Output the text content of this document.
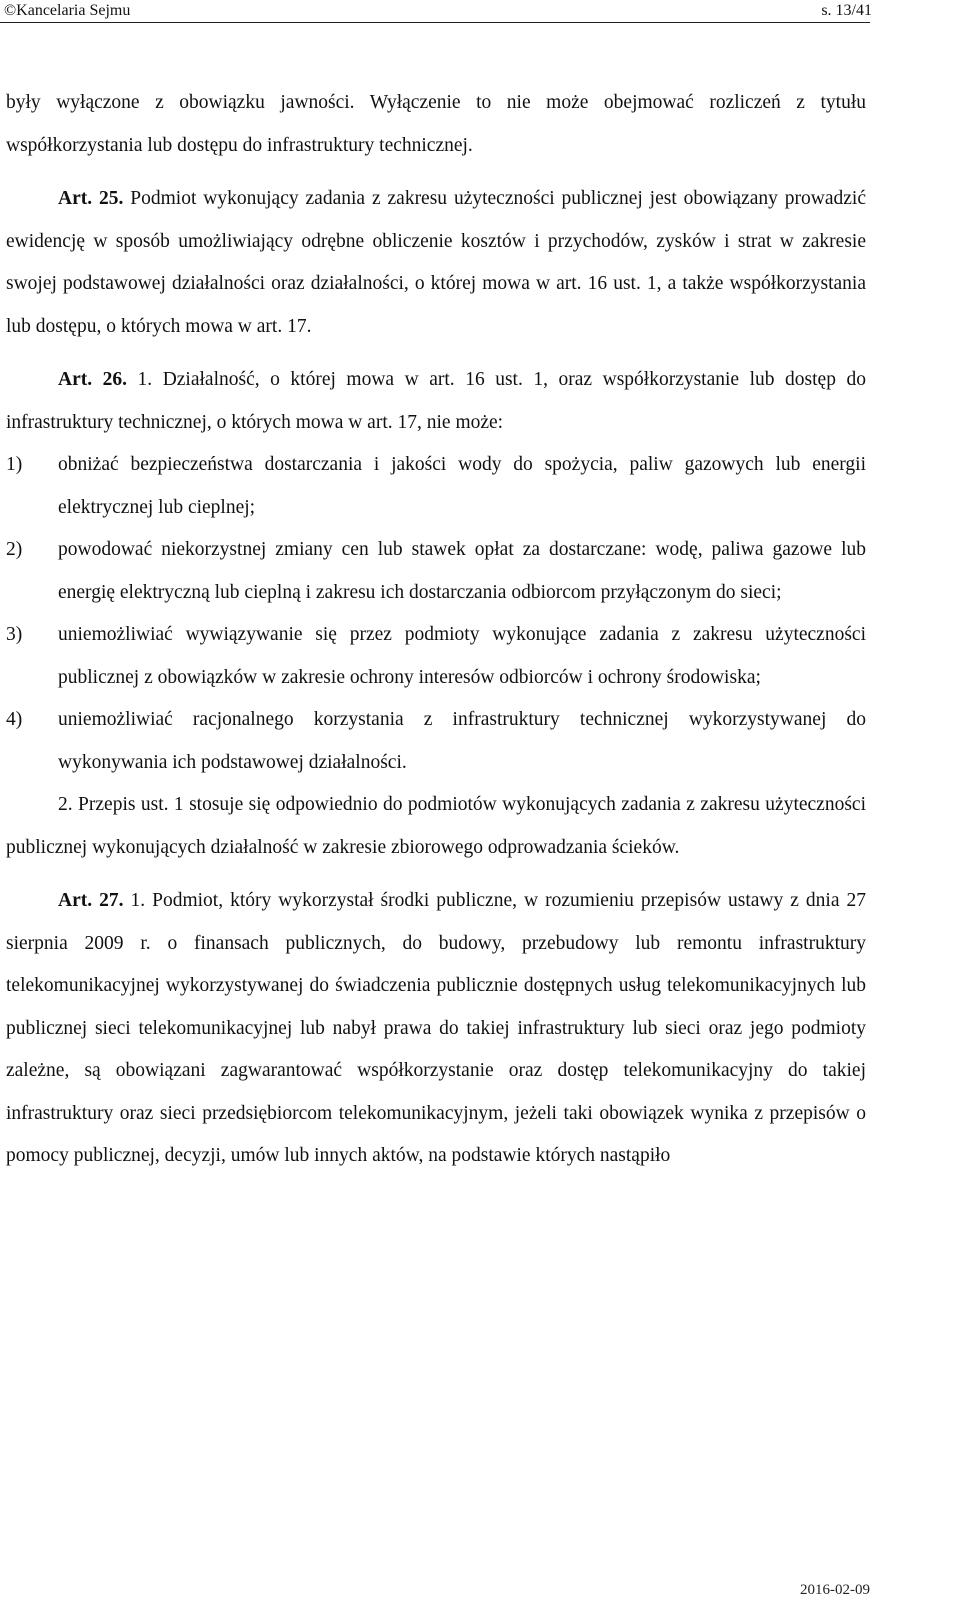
©Kancelaria Sejmu	s. 13/41

były wyłączone z obowiązku jawności. Wyłączenie to nie może obejmować rozliczeń z tytułu współkorzystania lub dostępu do infrastruktury technicznej.

Art. 25. Podmiot wykonujący zadania z zakresu użyteczności publicznej jest obowiązany prowadzić ewidencję w sposób umożliwiający odrębne obliczenie kosztów i przychodów, zysków i strat w zakresie swojej podstawowej działalności oraz działalności, o której mowa w art. 16 ust. 1, a także współkorzystania lub dostępu, o których mowa w art. 17.

Art. 26. 1. Działalność, o której mowa w art. 16 ust. 1, oraz współkorzystanie lub dostęp do infrastruktury technicznej, o których mowa w art. 17, nie może:

1) obniżać bezpieczeństwa dostarczania i jakości wody do spożycia, paliw gazowych lub energii elektrycznej lub cieplnej;
2) powodować niekorzystnej zmiany cen lub stawek opłat za dostarczane: wodę, paliwa gazowe lub energię elektryczną lub cieplną i zakresu ich dostarczania odbiorcom przyłączonym do sieci;
3) uniemożliwiać wywiązywanie się przez podmioty wykonujące zadania z zakresu użyteczności publicznej z obowiązków w zakresie ochrony interesów odbiorców i ochrony środowiska;
4) uniemożliwiać racjonalnego korzystania z infrastruktury technicznej wykorzystywanej do wykonywania ich podstawowej działalności.

2. Przepis ust. 1 stosuje się odpowiednio do podmiotów wykonujących zadania z zakresu użyteczności publicznej wykonujących działalność w zakresie zbiorowego odprowadzania ścieków.

Art. 27. 1. Podmiot, który wykorzystał środki publiczne, w rozumieniu przepisów ustawy z dnia 27 sierpnia 2009 r. o finansach publicznych, do budowy, przebudowy lub remontu infrastruktury telekomunikacyjnej wykorzystywanej do świadczenia publicznie dostępnych usług telekomunikacyjnych lub publicznej sieci telekomunikacyjnej lub nabył prawa do takiej infrastruktury lub sieci oraz jego podmioty zależne, są obowiązani zagwarantować współkorzystanie oraz dostęp telekomunikacyjny do takiej infrastruktury oraz sieci przedsiębiorcom telekomunikacyjnym, jeżeli taki obowiązek wynika z przepisów o pomocy publicznej, decyzji, umów lub innych aktów, na podstawie których nastąpiło

2016-02-09
